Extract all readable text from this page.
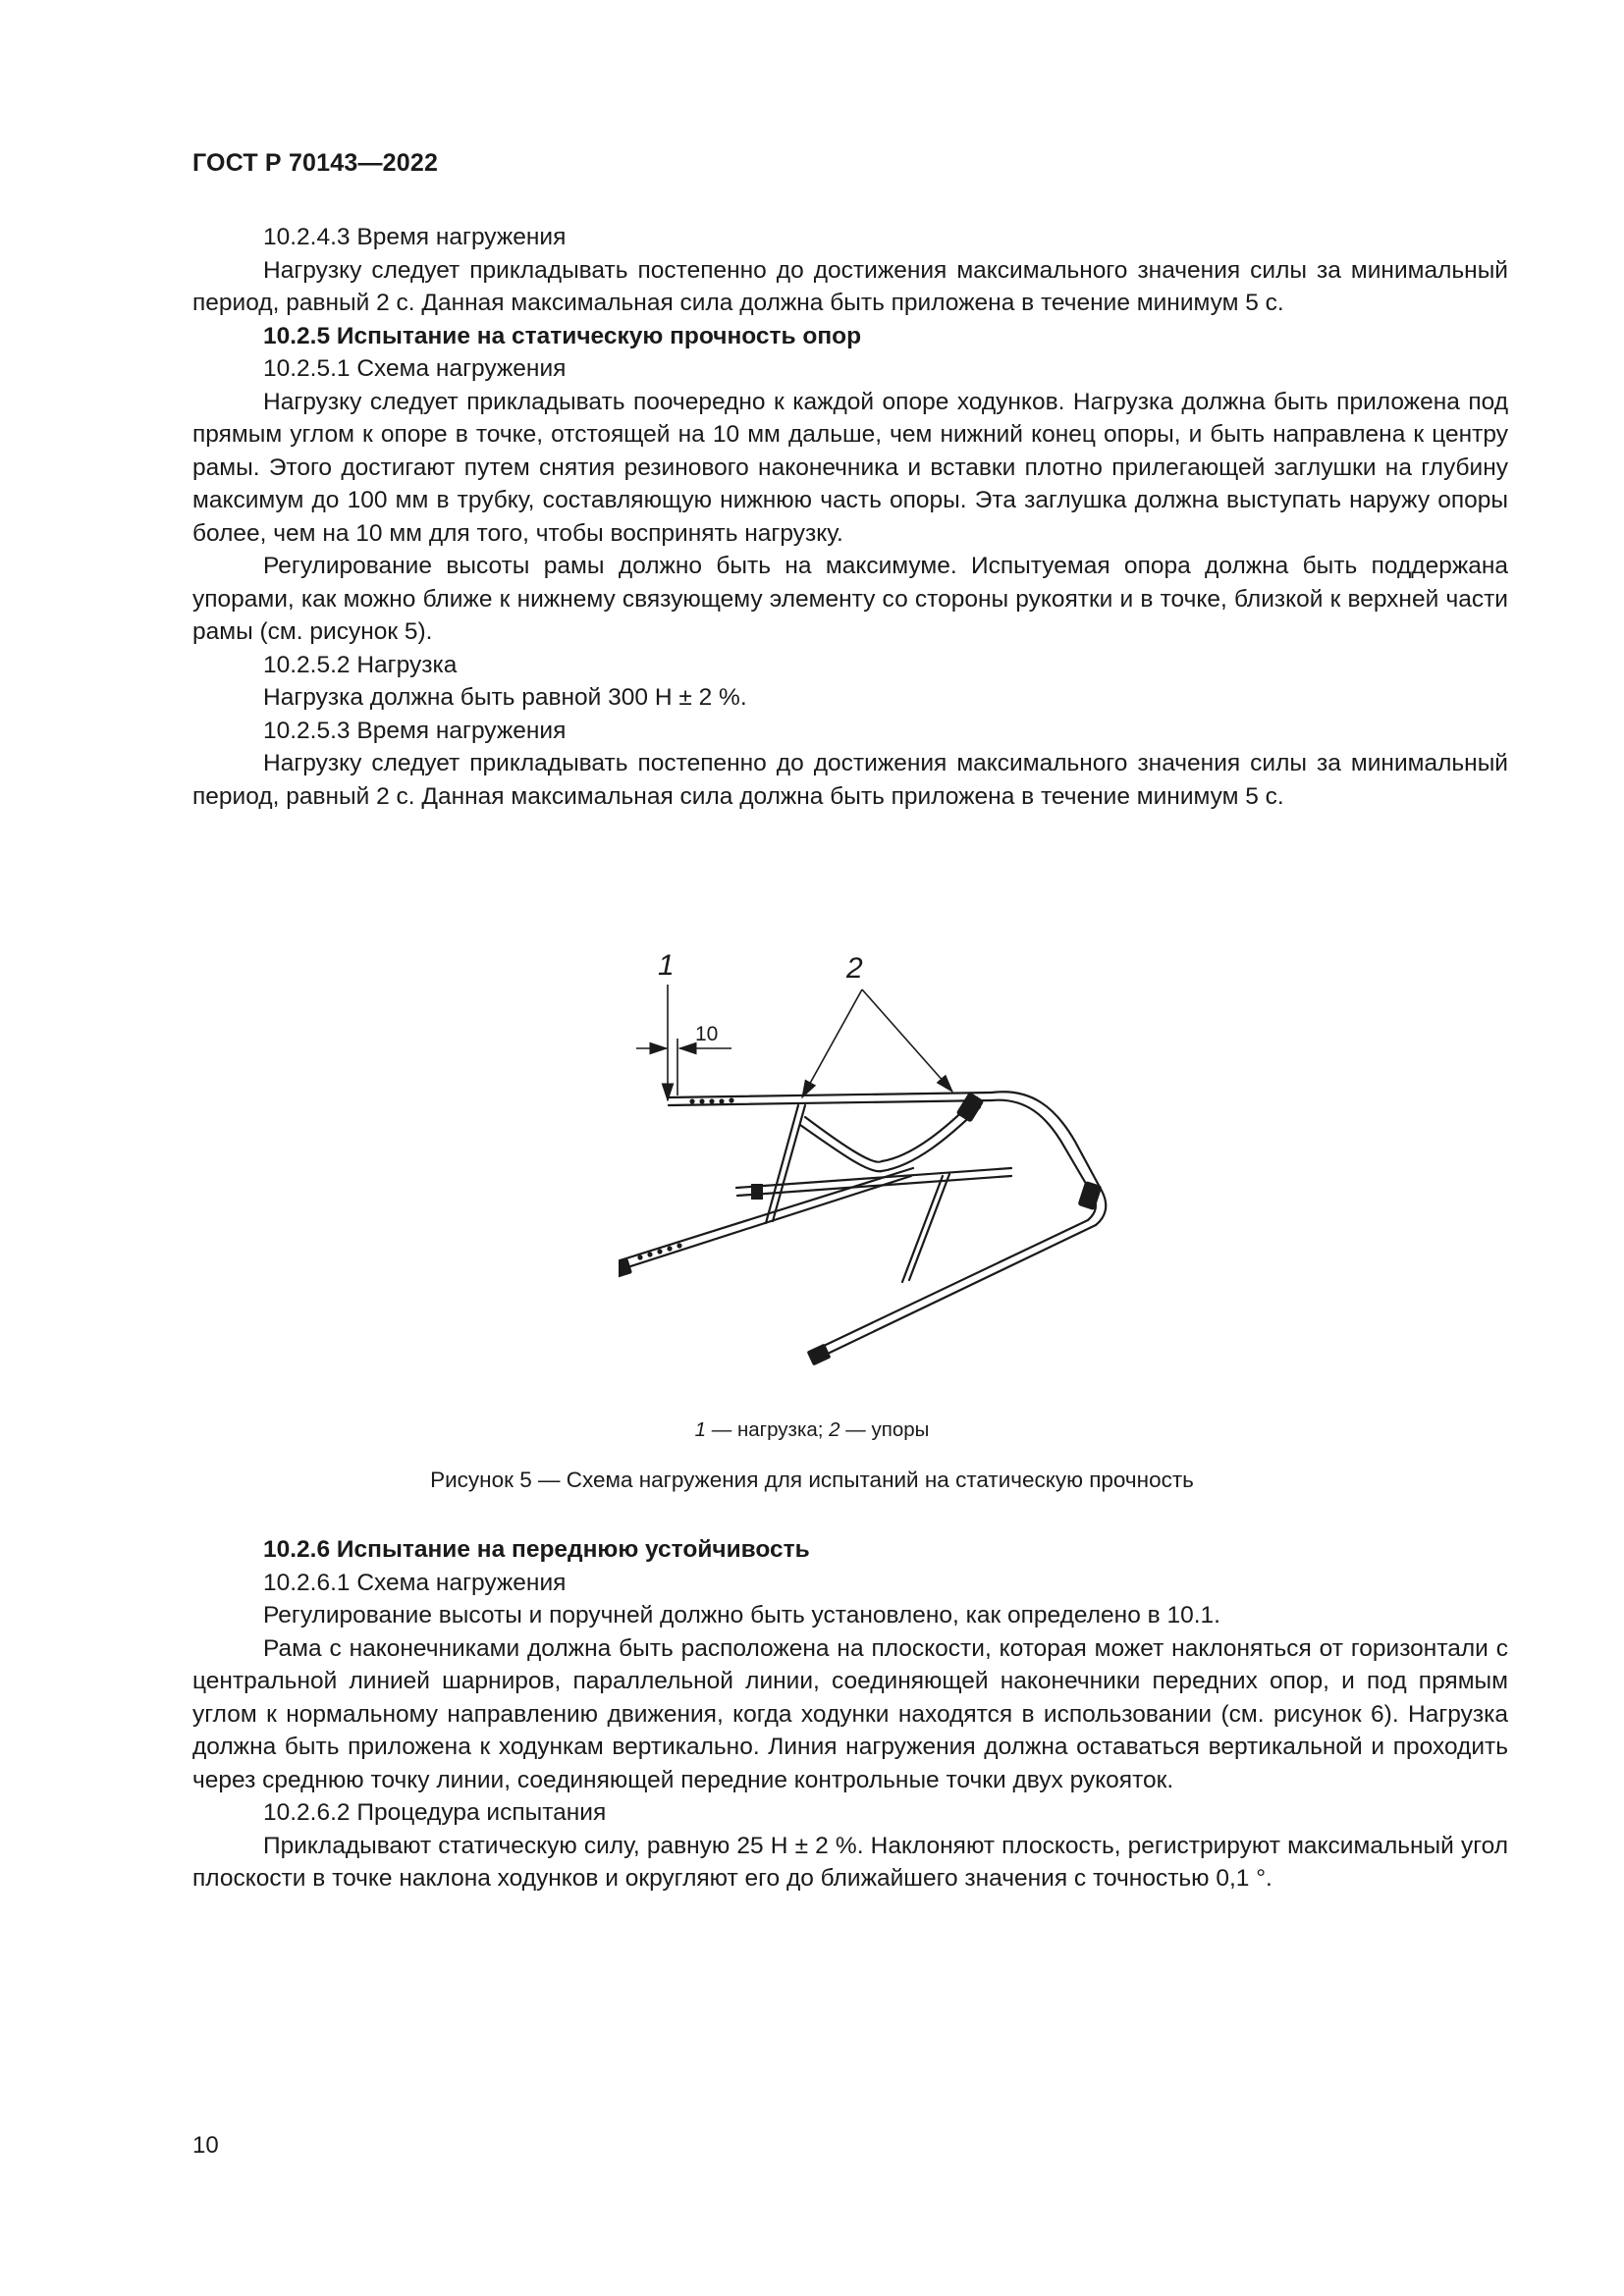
ГОСТ Р 70143—2022

10.2.4.3 Время нагружения

Нагрузку следует прикладывать постепенно до достижения максимального значения силы за минимальный период, равный 2 с. Данная максимальная сила должна быть приложена в течение минимум 5 с.

10.2.5 Испытание на статическую прочность опор

10.2.5.1 Схема нагружения

Нагрузку следует прикладывать поочередно к каждой опоре ходунков. Нагрузка должна быть приложена под прямым углом к опоре в точке, отстоящей на 10 мм дальше, чем нижний конец опоры, и быть направлена к центру рамы. Этого достигают путем снятия резинового наконечника и вставки плотно прилегающей заглушки на глубину максимум до 100 мм в трубку, составляющую нижнюю часть опоры. Эта заглушка должна выступать наружу опоры более, чем на 10 мм для того, чтобы воспринять нагрузку.

Регулирование высоты рамы должно быть на максимуме. Испытуемая опора должна быть поддержана упорами, как можно ближе к нижнему связующему элементу со стороны рукоятки и в точке, близкой к верхней части рамы (см. рисунок 5).

10.2.5.2 Нагрузка

Нагрузка должна быть равной 300 Н ± 2 %.

10.2.5.3 Время нагружения

Нагрузку следует прикладывать постепенно до достижения максимального значения силы за минимальный период, равный 2 с. Данная максимальная сила должна быть приложена в течение минимум 5 с.

1	2
10
1 — нагрузка; 2 — упоры
Рисунок 5 — Схема нагружения для испытаний на статическую прочность

10.2.6 Испытание на переднюю устойчивость

10.2.6.1 Схема нагружения

Регулирование высоты и поручней должно быть установлено, как определено в 10.1.

Рама с наконечниками должна быть расположена на плоскости, которая может наклоняться от горизонтали с центральной линией шарниров, параллельной линии, соединяющей наконечники передних опор, и под прямым углом к нормальному направлению движения, когда ходунки находятся в использовании (см. рисунок 6). Нагрузка должна быть приложена к ходункам вертикально. Линия нагружения должна оставаться вертикальной и проходить через среднюю точку линии, соединяющей передние контрольные точки двух рукояток.

10.2.6.2 Процедура испытания

Прикладывают статическую силу, равную 25 Н ± 2 %. Наклоняют плоскость, регистрируют максимальный угол плоскости в точке наклона ходунков и округляют его до ближайшего значения с точностью 0,1 °.

10
